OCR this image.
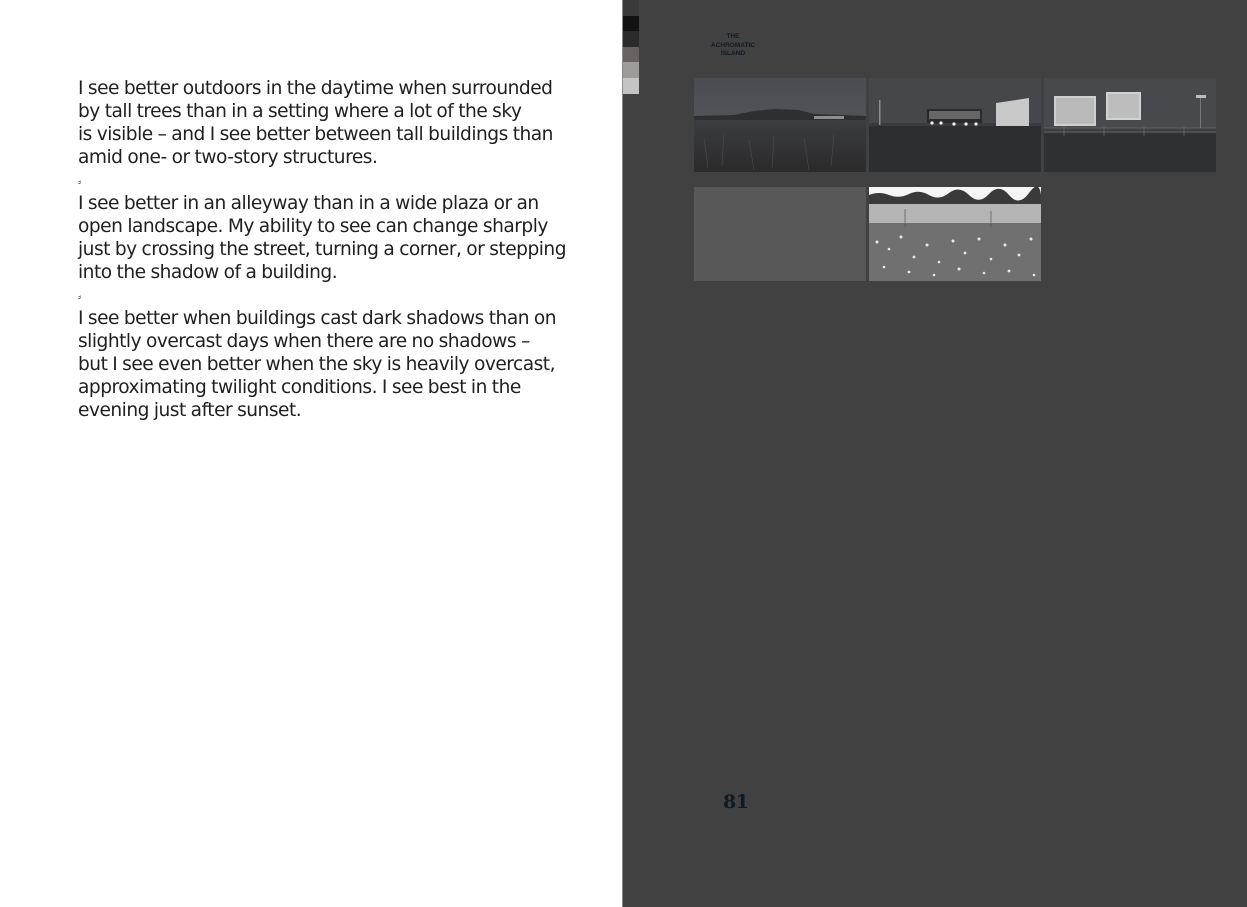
I see better outdoors in the daytime when surrounded
by tall trees than in a setting where a lot of the sky
is visible – and I see better between tall buildings than
amid one- or two-story structures.

⸗

I see better in an alleyway than in a wide plaza or an
open landscape. My ability to see can change sharply
just by crossing the street, turning a corner, or stepping
into the shadow of a building.

⸗

I see better when buildings cast dark shadows than on
slightly overcast days when there are no shadows –
but I see even better when the sky is heavily overcast,
approximating twilight conditions. I see best in the
evening just after sunset.

THE
ACHROMATIC
ISLAND
81
